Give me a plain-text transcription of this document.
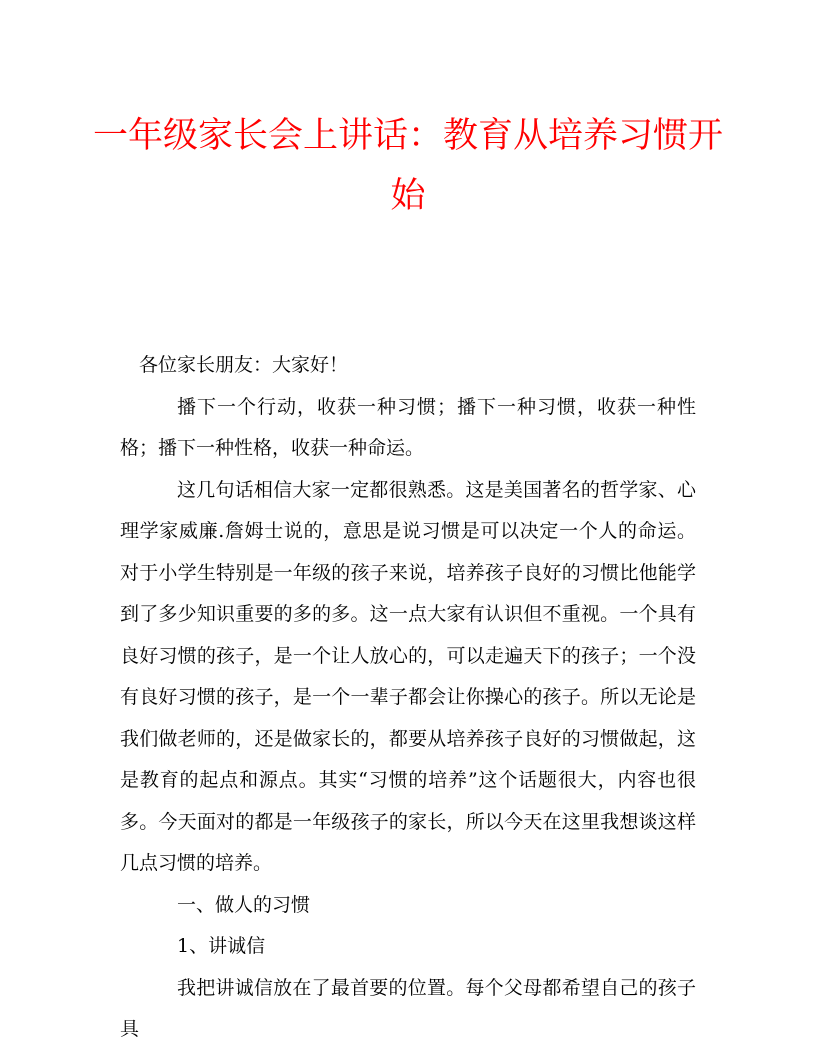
一年级家长会上讲话：教育从培养习惯开始

各位家长朋友：大家好！

播下一个行动，收获一种习惯；播下一种习惯，收获一种性格；播下一种性格，收获一种命运。

这几句话相信大家一定都很熟悉。这是美国著名的哲学家、心理学家威廉.詹姆士说的，意思是说习惯是可以决定一个人的命运。对于小学生特别是一年级的孩子来说，培养孩子良好的习惯比他能学到了多少知识重要的多的多。这一点大家有认识但不重视。一个具有良好习惯的孩子，是一个让人放心的，可以走遍天下的孩子；一个没有良好习惯的孩子，是一个一辈子都会让你操心的孩子。所以无论是我们做老师的，还是做家长的，都要从培养孩子良好的习惯做起，这是教育的起点和源点。其实“习惯的培养”这个话题很大，内容也很多。今天面对的都是一年级孩子的家长，所以今天在这里我想谈这样几点习惯的培养。

一、做人的习惯

1、讲诚信

我把讲诚信放在了最首要的位置。每个父母都希望自己的孩子具
